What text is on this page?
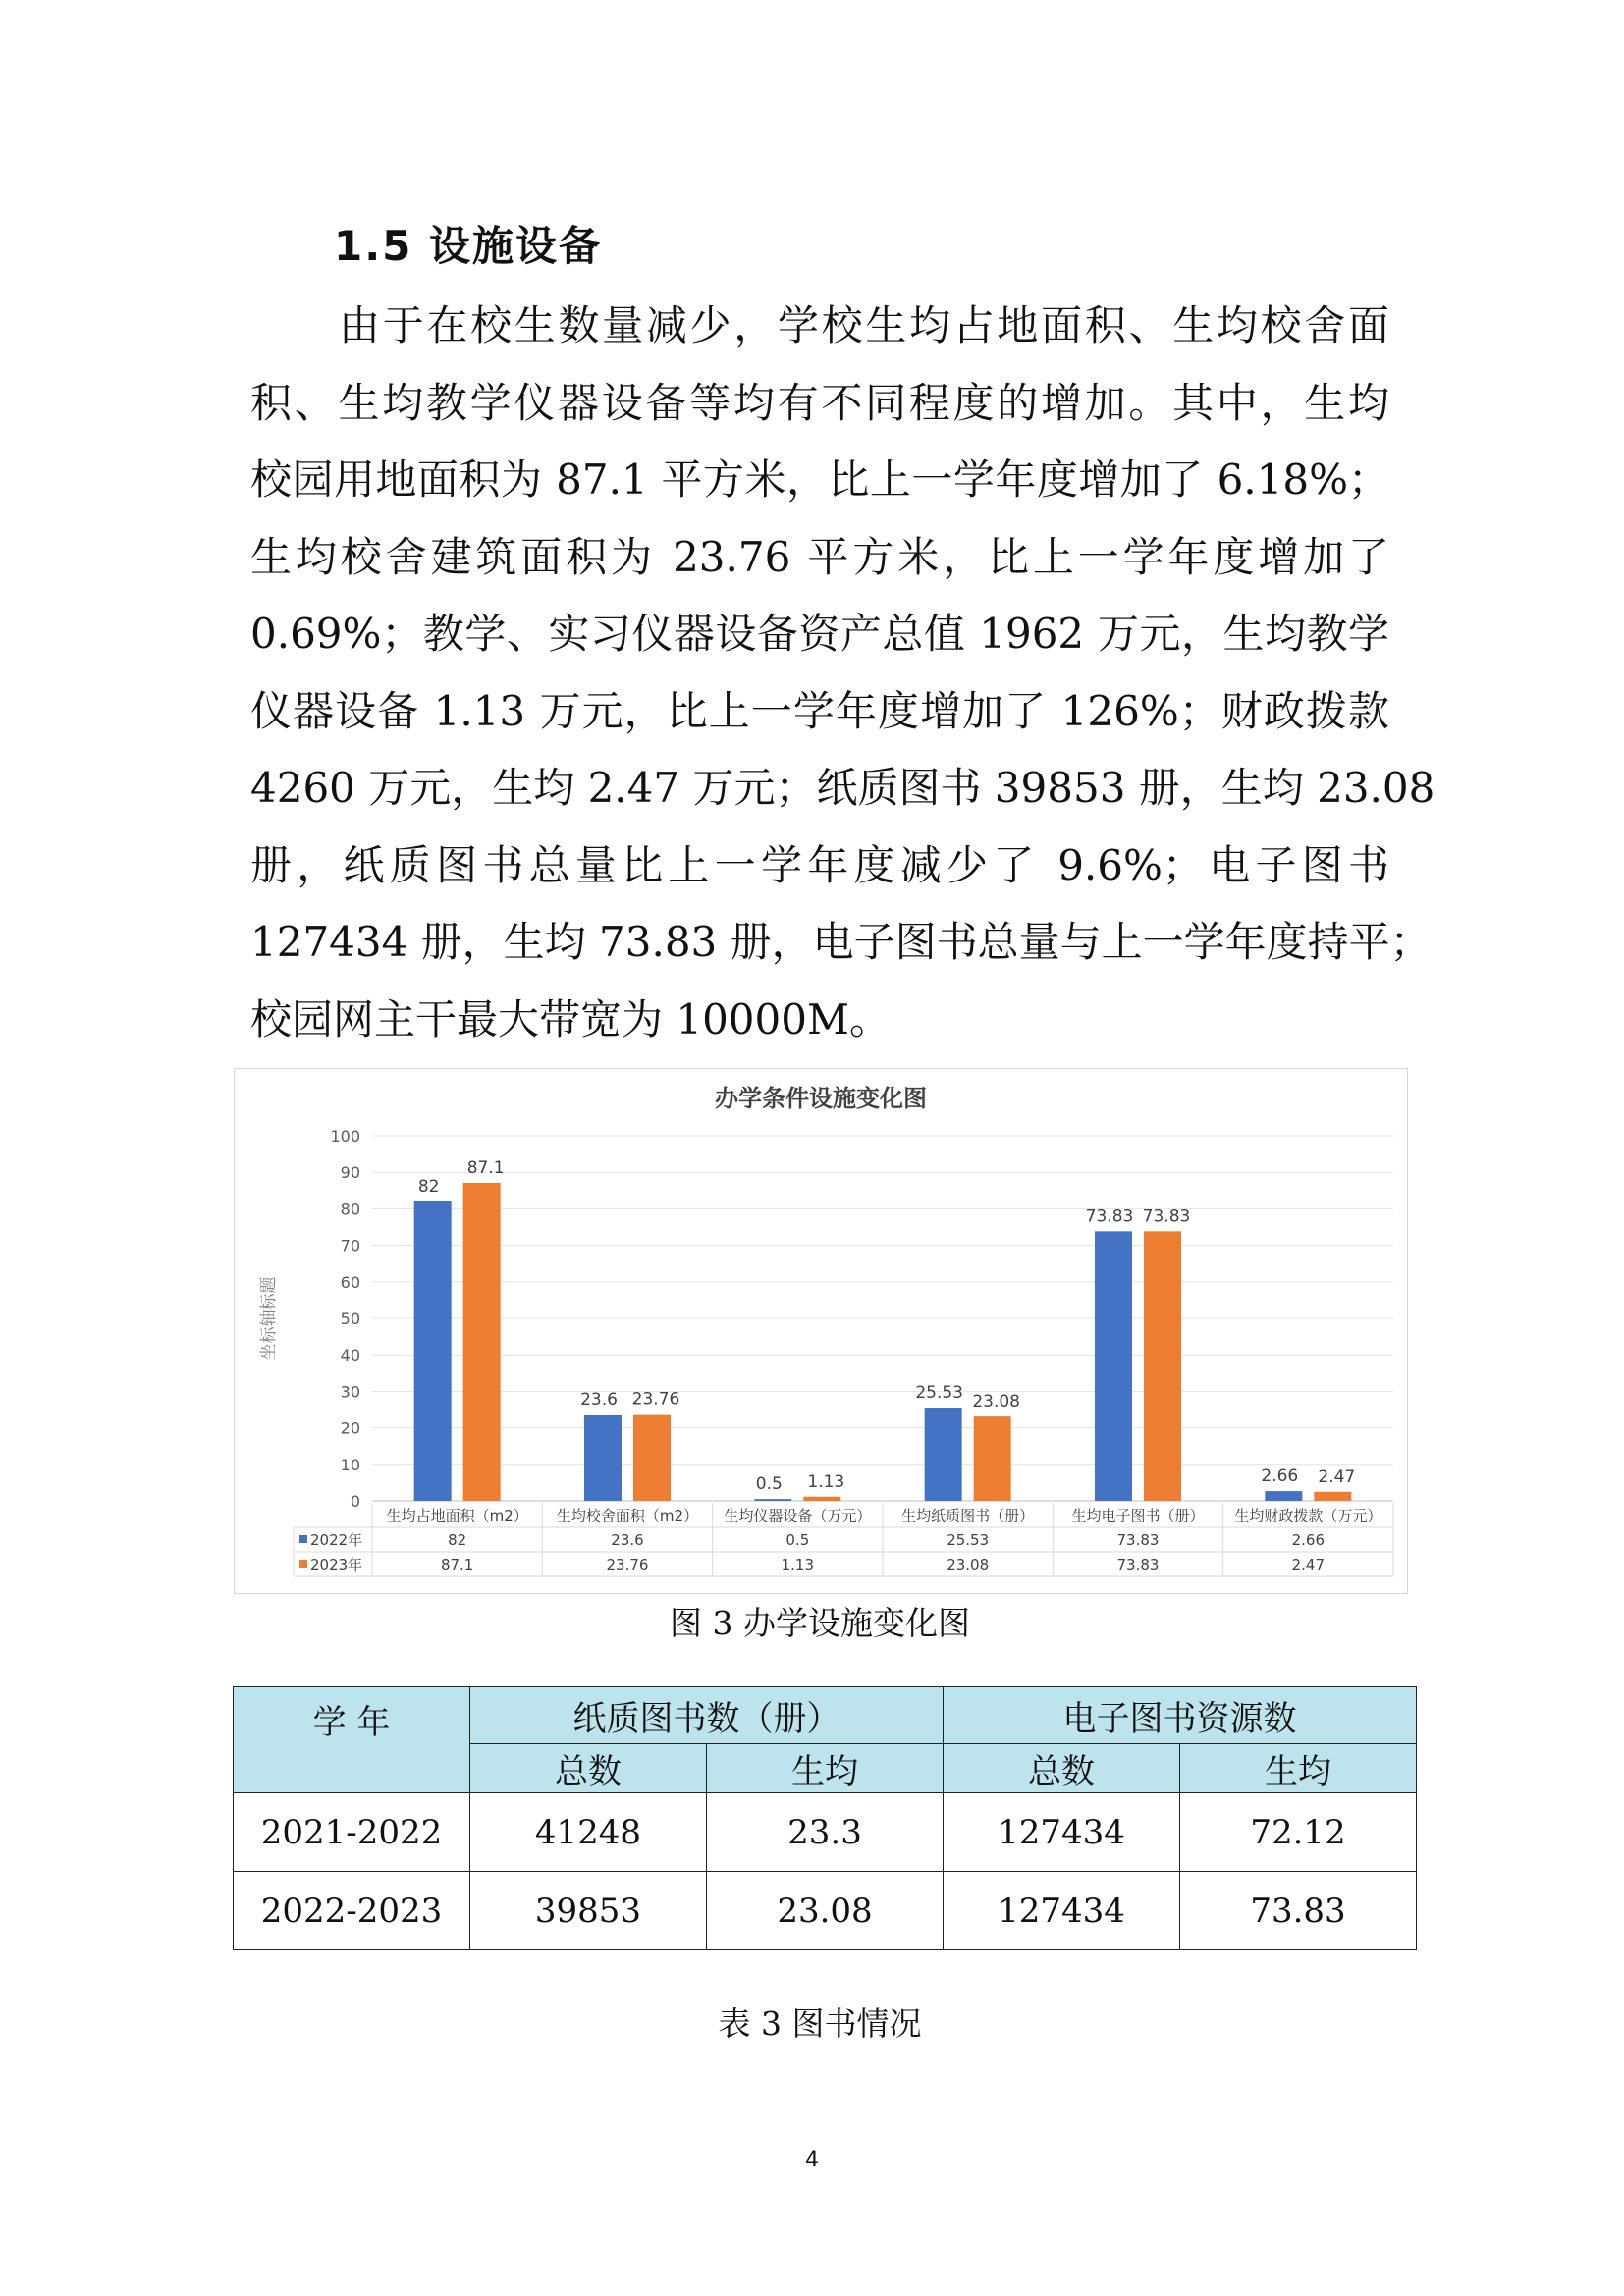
1.5 设施设备
由于在校生数量减少，学校生均占地面积、生均校舍面
积、生均教学仪器设备等均有不同程度的增加。其中，生均
校园用地面积为 87.1 平方米，比上一学年度增加了 6.18%；
生均校舍建筑面积为 23.76 平方米，比上一学年度增加了
0.69%；教学、实习仪器设备资产总值 1962 万元，生均教学
仪器设备 1.13 万元，比上一学年度增加了 126%；财政拨款
4260 万元，生均 2.47 万元；纸质图书 39853 册，生均 23.08
册，纸质图书总量比上一学年度减少了 9.6%；电子图书
127434 册，生均 73.83 册，电子图书总量与上一学年度持平；
校园网主干最大带宽为 10000M。
办学条件设施变化图
坐标轴标题
0
10
20
30
40
50
60
70
80
90
100
82
23.6
0.5
25.53
73.83
2.66
87.1
23.76
1.13
23.08
73.83
2.47
生均占地面积（m2） 生均校舍面积（m2） 生均仪器设备（万元） 生均纸质图书（册）	生均电子图书（册） 生均财政拨款（万元）
2022年	82	23.6	0.5	25.53	73.83	2.66
2023年	87.1	23.76	1.13	23.08	73.83	2.47
图 3 办学设施变化图
学 年	纸质图书数（册）		电子图书资源数	
	总数	生均	总数	生均
2021-2022	41248	23.3	127434	72.12
2022-2023	39853	23.08	127434	73.83
表 3 图书情况
4
